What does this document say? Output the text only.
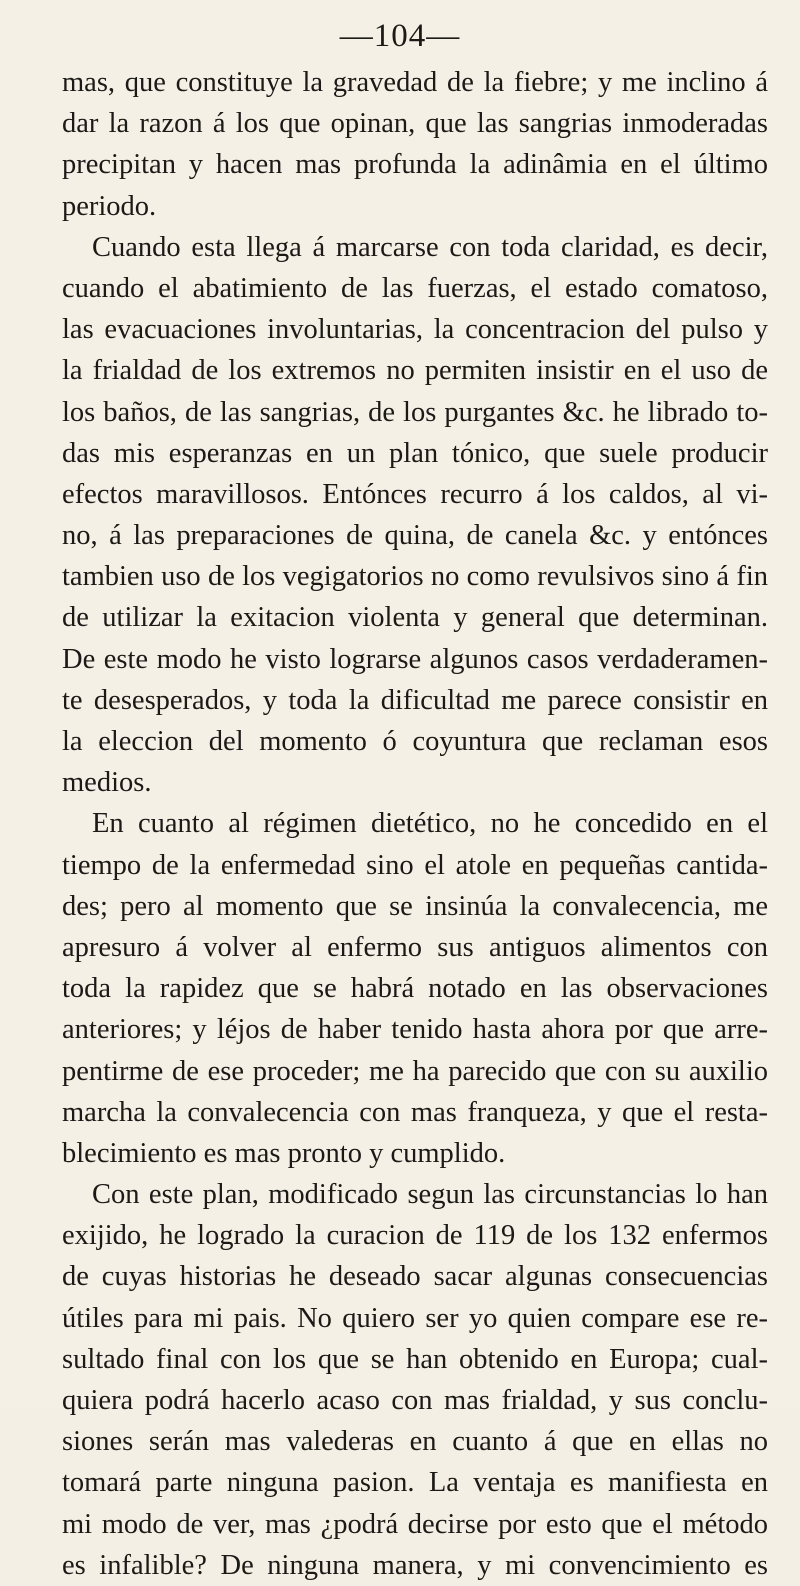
—104—
mas, que constituye la gravedad de la fiebre; y me inclino á
dar la razon á los que opinan, que las sangrias inmoderadas
precipitan y hacen mas profunda la adinâmia en el último
periodo.
Cuando esta llega á marcarse con toda claridad, es decir,
cuando el abatimiento de las fuerzas, el estado comatoso,
las evacuaciones involuntarias, la concentracion del pulso y
la frialdad de los extremos no permiten insistir en el uso de
los baños, de las sangrias, de los purgantes &c. he librado to-
das mis esperanzas en un plan tónico, que suele producir
efectos maravillosos. Entónces recurro á los caldos, al vi-
no, á las preparaciones de quina, de canela &c. y entónces
tambien uso de los vegigatorios no como revulsivos sino á fin
de utilizar la exitacion violenta y general que determinan.
De este modo he visto lograrse algunos casos verdaderamen-
te desesperados, y toda la dificultad me parece consistir en
la eleccion del momento ó coyuntura que reclaman esos
medios.
En cuanto al régimen dietético, no he concedido en el
tiempo de la enfermedad sino el atole en pequeñas cantida-
des; pero al momento que se insinúa la convalecencia, me
apresuro á volver al enfermo sus antiguos alimentos con
toda la rapidez que se habrá notado en las observaciones
anteriores; y léjos de haber tenido hasta ahora por que arre-
pentirme de ese proceder; me ha parecido que con su auxilio
marcha la convalecencia con mas franqueza, y que el resta-
blecimiento es mas pronto y cumplido.
Con este plan, modificado segun las circunstancias lo han
exijido, he logrado la curacion de 119 de los 132 enfermos
de cuyas historias he deseado sacar algunas consecuencias
útiles para mi pais. No quiero ser yo quien compare ese re-
sultado final con los que se han obtenido en Europa; cual-
quiera podrá hacerlo acaso con mas frialdad, y sus conclu-
siones serán mas valederas en cuanto á que en ellas no
tomará parte ninguna pasion. La ventaja es manifiesta en
mi modo de ver, mas ¿podrá decirse por esto que el método
es infalible? De ninguna manera, y mi convencimiento es
